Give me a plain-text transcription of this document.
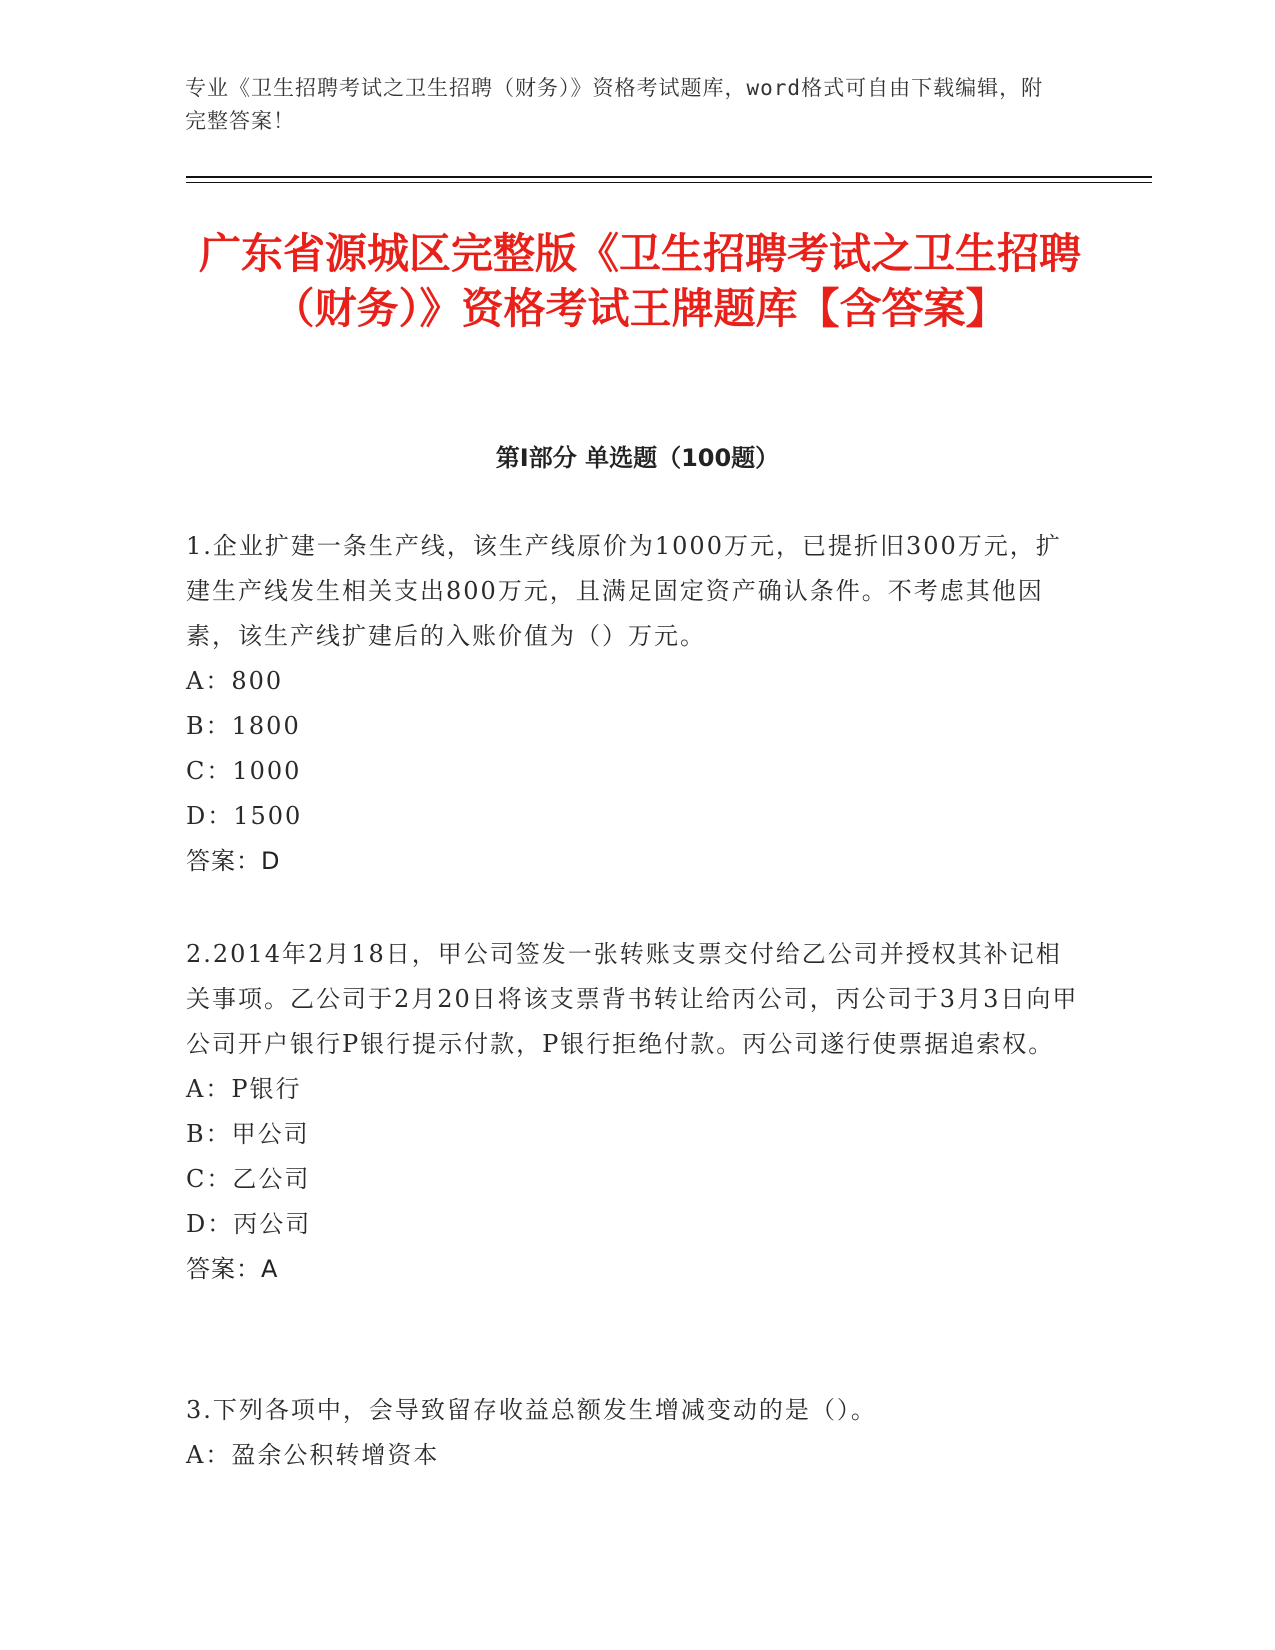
专业《卫生招聘考试之卫生招聘（财务）》资格考试题库，word格式可自由下载编辑，附完整答案！
广东省源城区完整版《卫生招聘考试之卫生招聘（财务）》资格考试王牌题库【含答案】
第I部分 单选题（100题）
1.企业扩建一条生产线，该生产线原价为1000万元，已提折旧300万元，扩建生产线发生相关支出800万元，且满足固定资产确认条件。不考虑其他因素，该生产线扩建后的入账价值为（）万元。
A：800
B：1800
C：1000
D：1500
答案：D
2.2014年2月18日，甲公司签发一张转账支票交付给乙公司并授权其补记相关事项。乙公司于2月20日将该支票背书转让给丙公司，丙公司于3月3日向甲公司开户银行P银行提示付款，P银行拒绝付款。丙公司遂行使票据追索权。
A：P银行
B：甲公司
C：乙公司
D：丙公司
答案：A
3.下列各项中，会导致留存收益总额发生增减变动的是（）。
A：盈余公积转增资本
